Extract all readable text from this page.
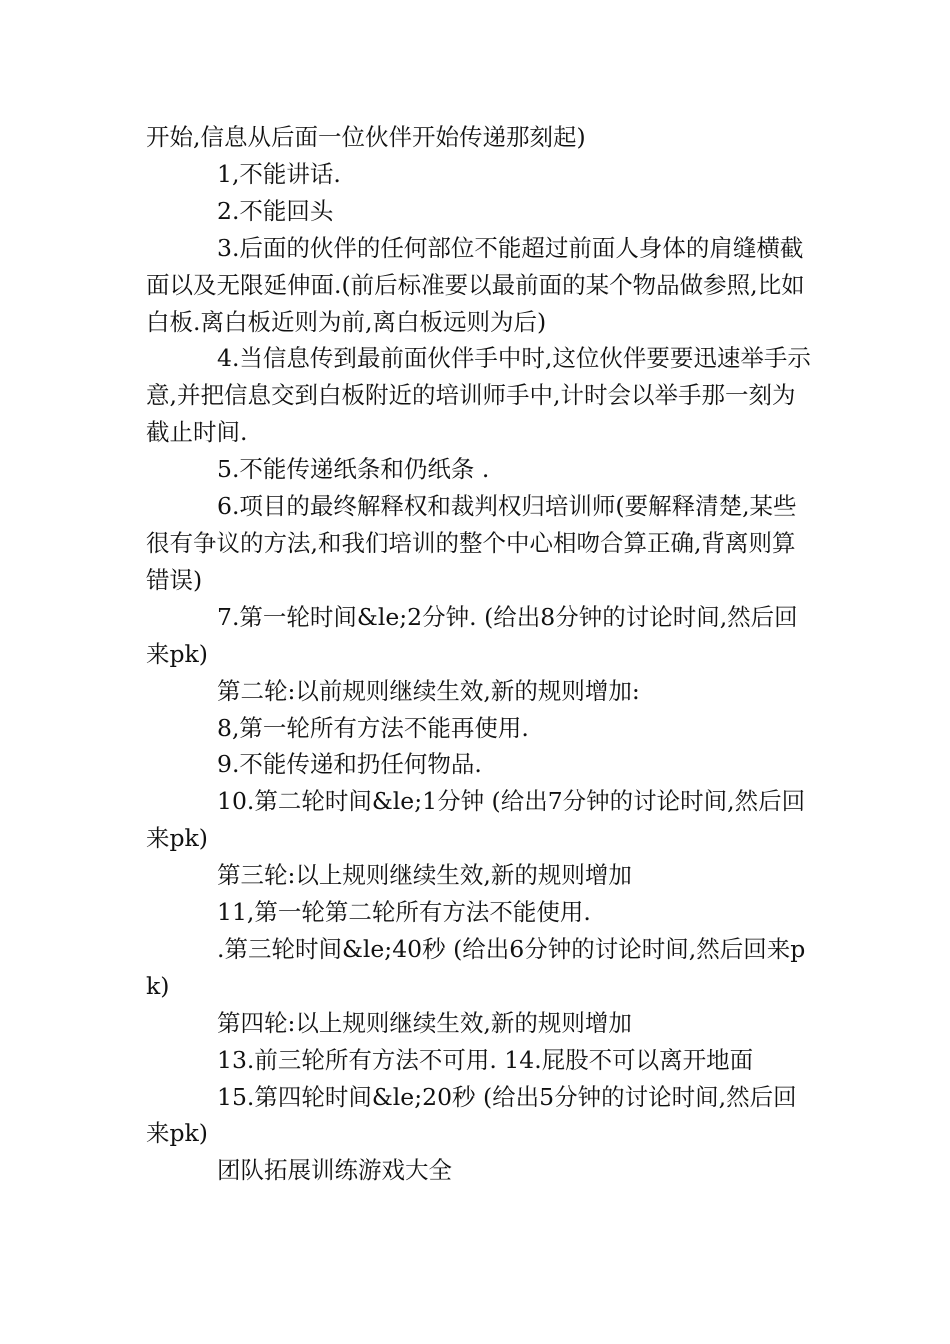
开始,信息从后面一位伙伴开始传递那刻起)

1,不能讲话.

2.不能回头

3.后面的伙伴的任何部位不能超过前面人身体的肩缝横截面以及无限延伸面.(前后标准要以最前面的某个物品做参照,比如白板.离白板近则为前,离白板远则为后)

4.当信息传到最前面伙伴手中时,这位伙伴要要迅速举手示意,并把信息交到白板附近的培训师手中,计时会以举手那一刻为截止时间.

5.不能传递纸条和仍纸条 .

6.项目的最终解释权和裁判权归培训师(要解释清楚,某些很有争议的方法,和我们培训的整个中心相吻合算正确,背离则算错误)

7.第一轮时间&le;2分钟. (给出8分钟的讨论时间,然后回来pk)

第二轮:以前规则继续生效,新的规则增加:

8,第一轮所有方法不能再使用.

9.不能传递和扔任何物品.

10.第二轮时间&le;1分钟 (给出7分钟的讨论时间,然后回来pk)

第三轮:以上规则继续生效,新的规则增加

11,第一轮第二轮所有方法不能使用.

.第三轮时间&le;40秒 (给出6分钟的讨论时间,然后回来pk)

第四轮:以上规则继续生效,新的规则增加

13.前三轮所有方法不可用. 14.屁股不可以离开地面

15.第四轮时间&le;20秒 (给出5分钟的讨论时间,然后回来pk)

团队拓展训练游戏大全
